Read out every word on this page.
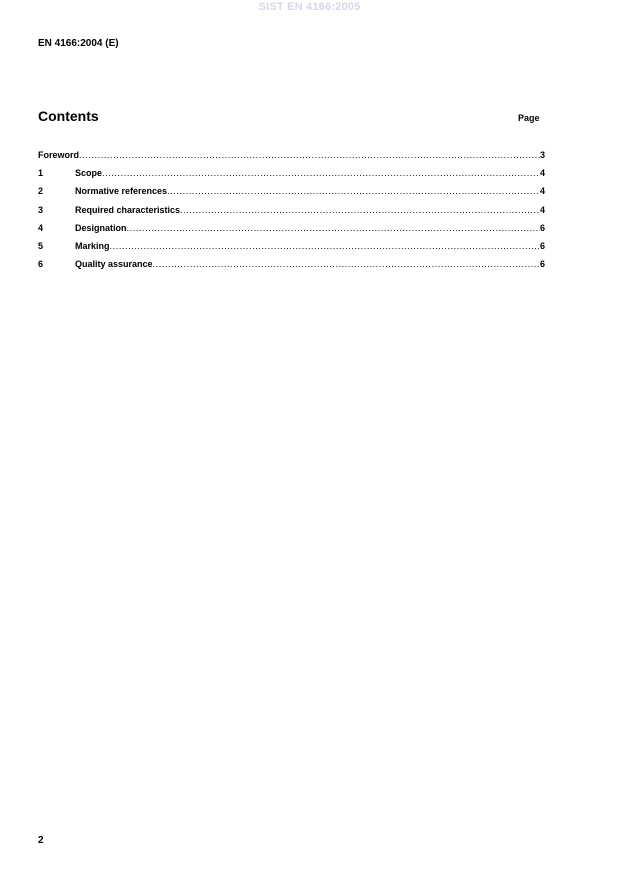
SIST EN 4166:2005
EN 4166:2004 (E)
Contents	Page
Foreword .....	3
1	Scope .....	4
2	Normative references .....	4
3	Required characteristics .....	4
4	Designation .....	6
5	Marking .....	6
6	Quality assurance .....	6
2
